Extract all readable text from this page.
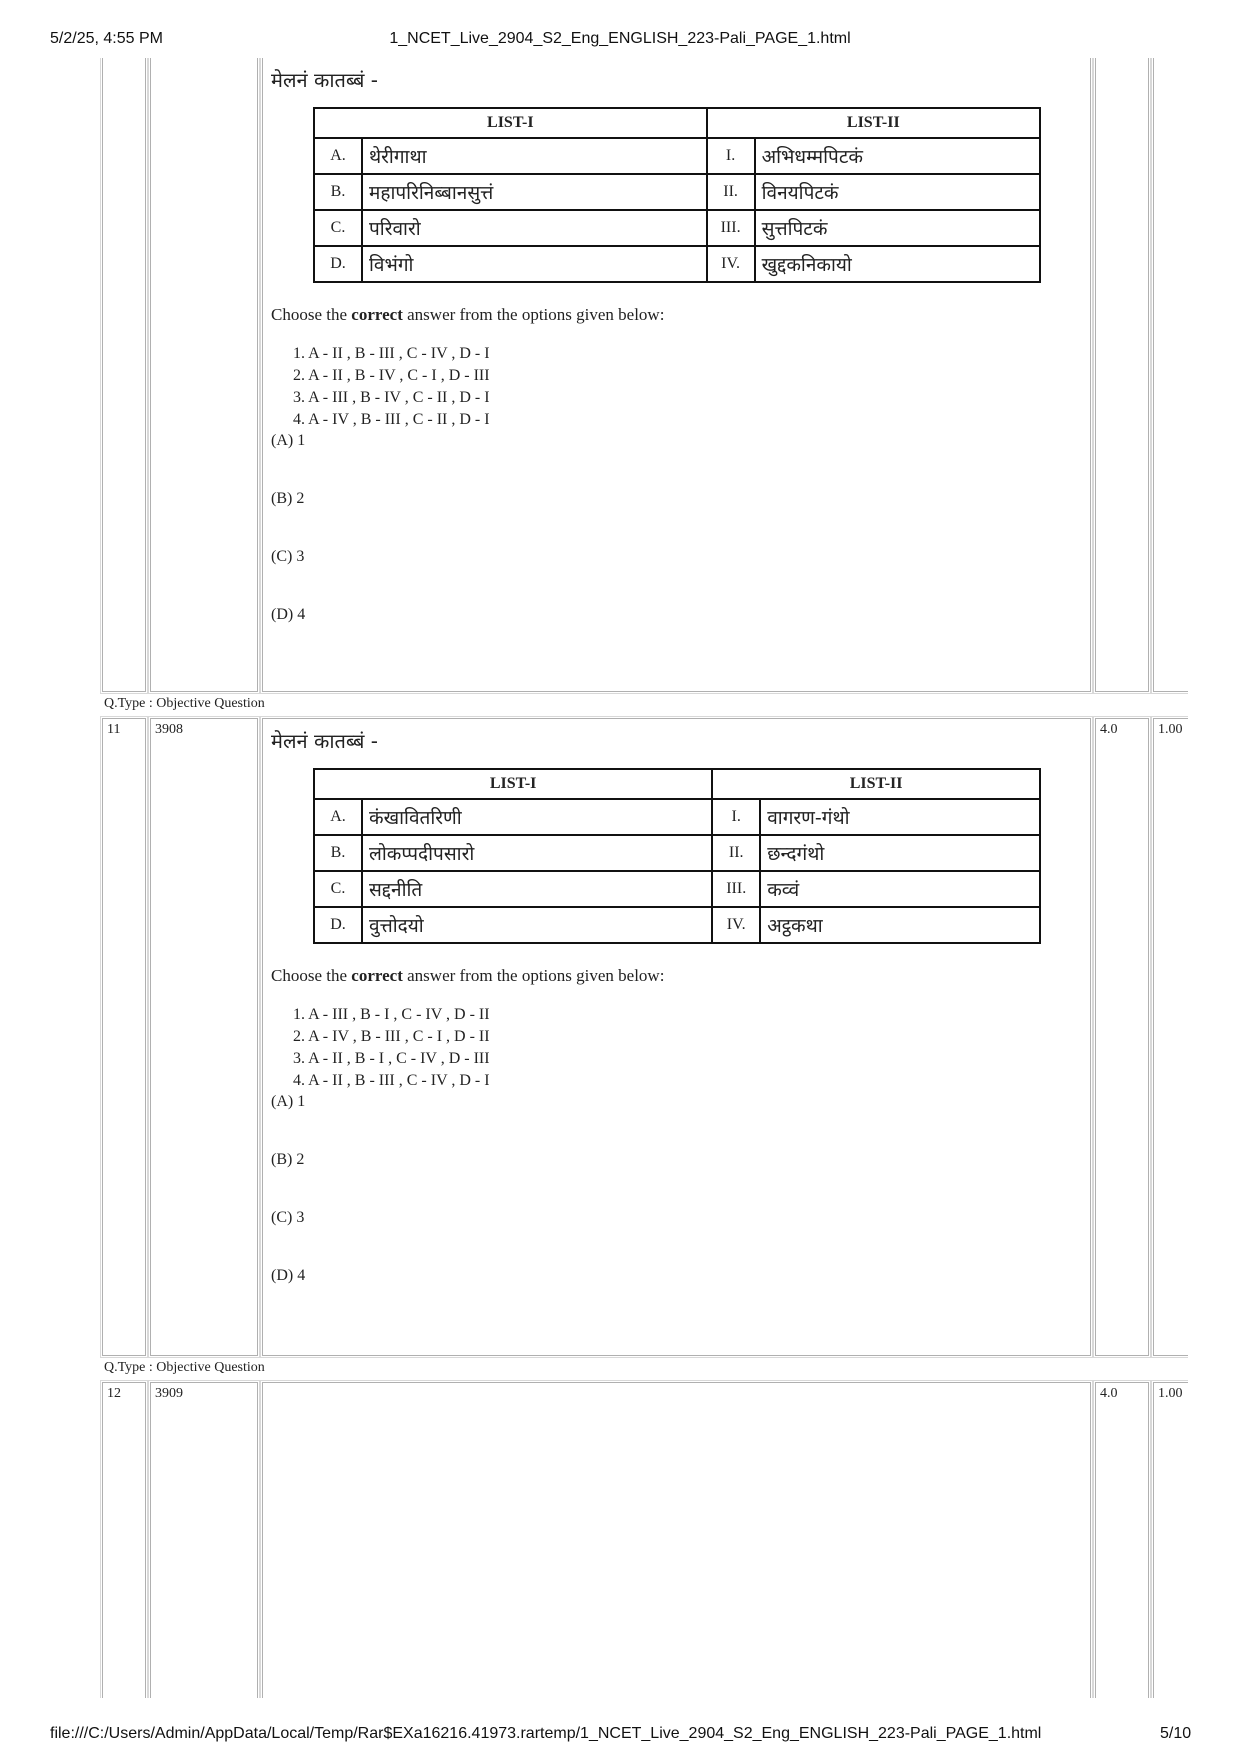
5/2/25, 4:55 PM	1_NCET_Live_2904_S2_Eng_ENGLISH_223-Pali_PAGE_1.html
मेलनं कातब्बं -
LIST-I		LIST-II	
A.	थेरीगाथा	I.	अभिधम्मपिटकं
B.	महापरिनिब्बानसुत्तं	II.	विनयपिटकं
C.	परिवारो	III.	सुत्तपिटकं
D.	विभंगो	IV.	खुद्दकनिकायो
Choose the correct answer from the options given below:
1. A - II , B - III , C - IV , D - I
2. A - II , B - IV , C - I , D - III
3. A - III , B - IV , C - II , D - I
4. A - IV , B - III , C - II , D - I
(A) 1
(B) 2
(C) 3
(D) 4
Q.Type : Objective Question
11	3908	मेलनं कातब्बं -
LIST-I		LIST-II	
A.	कंखावितरिणी	I.	वागरण-गंथो
B.	लोकप्पदीपसारो	II.	छन्दगंथो
C.	सद्दनीति	III.	कव्वं
D.	वुत्तोदयो	IV.	अट्ठकथा
Choose the correct answer from the options given below:
1. A - III , B - I , C - IV , D - II
2. A - IV , B - III , C - I , D - II
3. A - II , B - I , C - IV , D - III
4. A - II , B - III , C - IV , D - I
(A) 1
(B) 2
(C) 3
(D) 4
4.0	1.00
Q.Type : Objective Question
12	3909	4.0	1.00
file:///C:/Users/Admin/AppData/Local/Temp/Rar$EXa16216.41973.rartemp/1_NCET_Live_2904_S2_Eng_ENGLISH_223-Pali_PAGE_1.html	5/10
